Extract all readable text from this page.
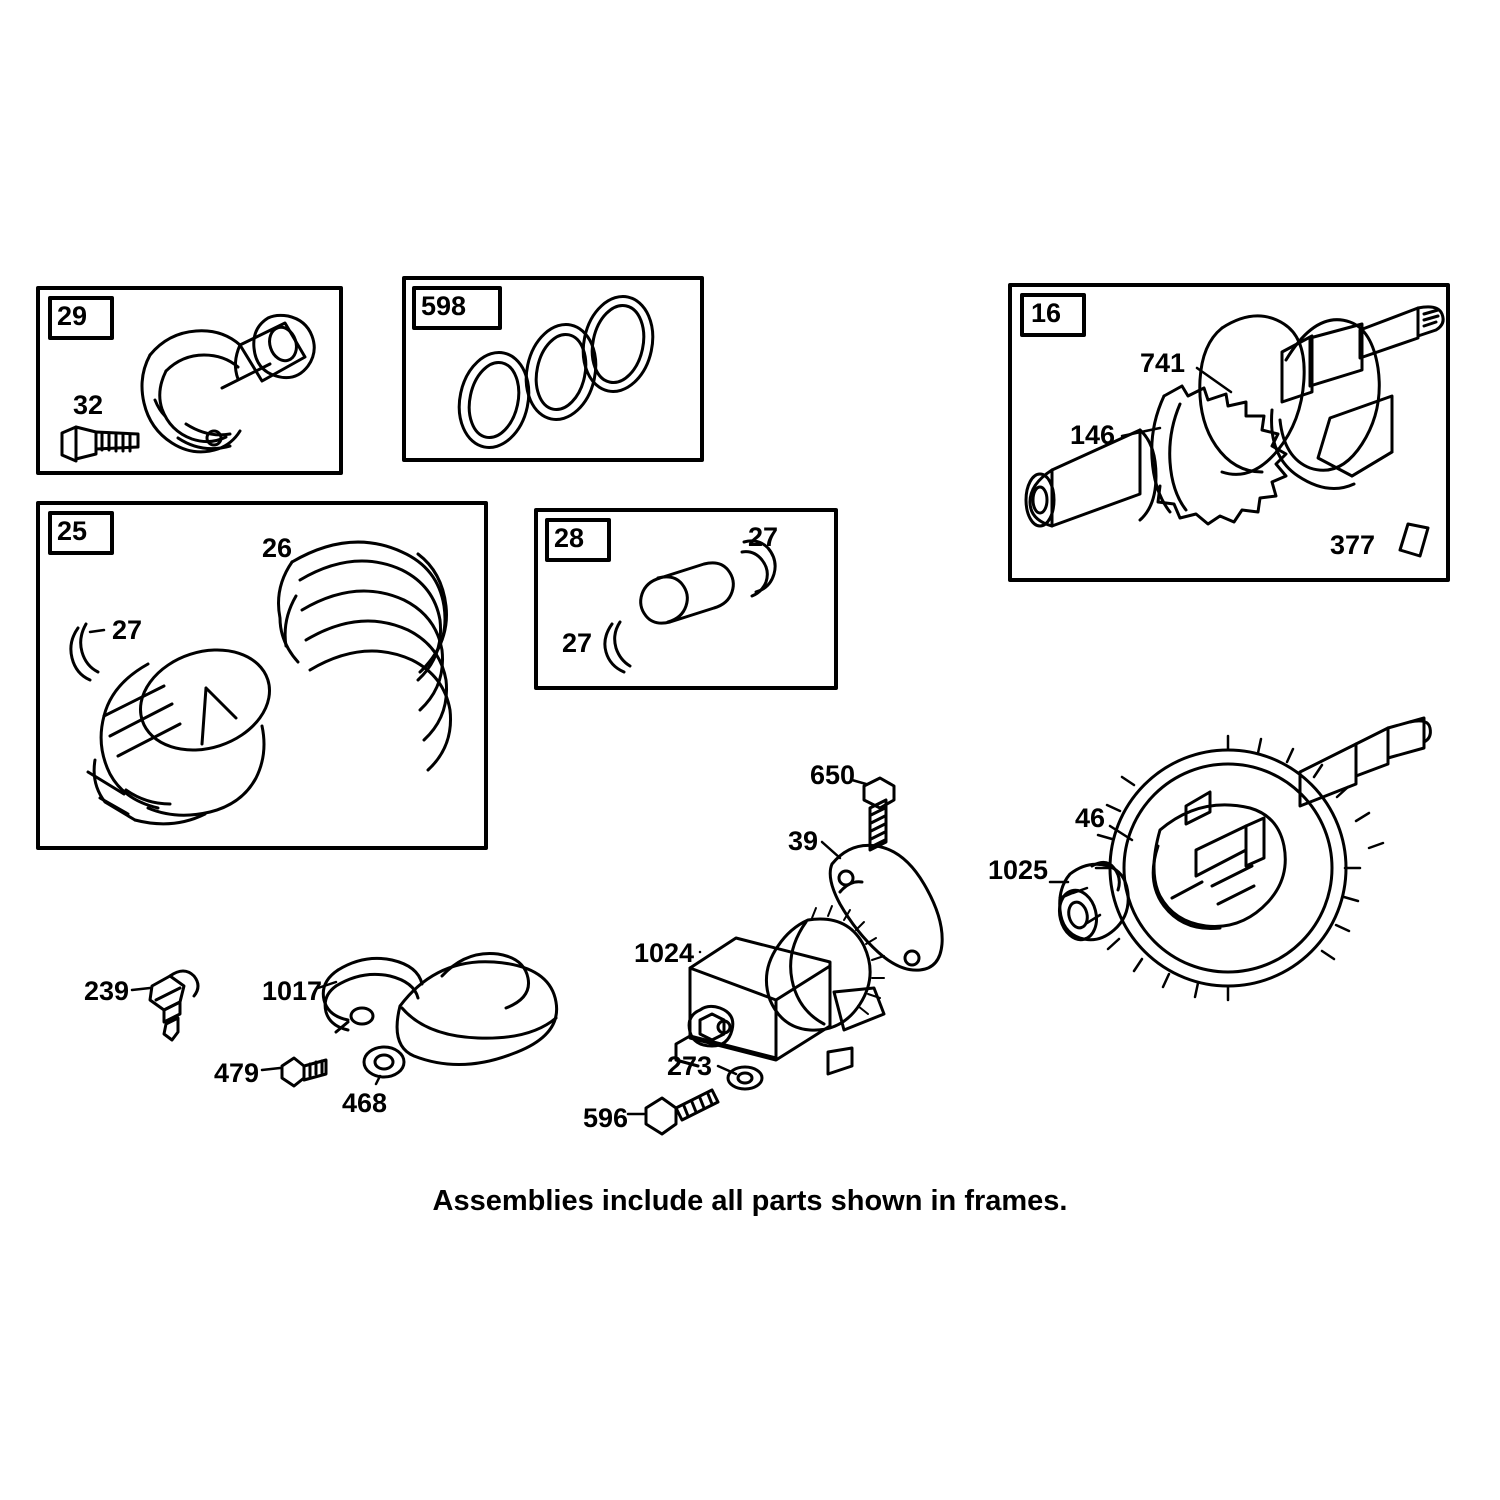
29	598	16
25	28
32
26
27
27
27
741
146
377
650
39
46
1025
1024
239	1017
479
468
273
596
Assemblies include all parts shown in frames.
